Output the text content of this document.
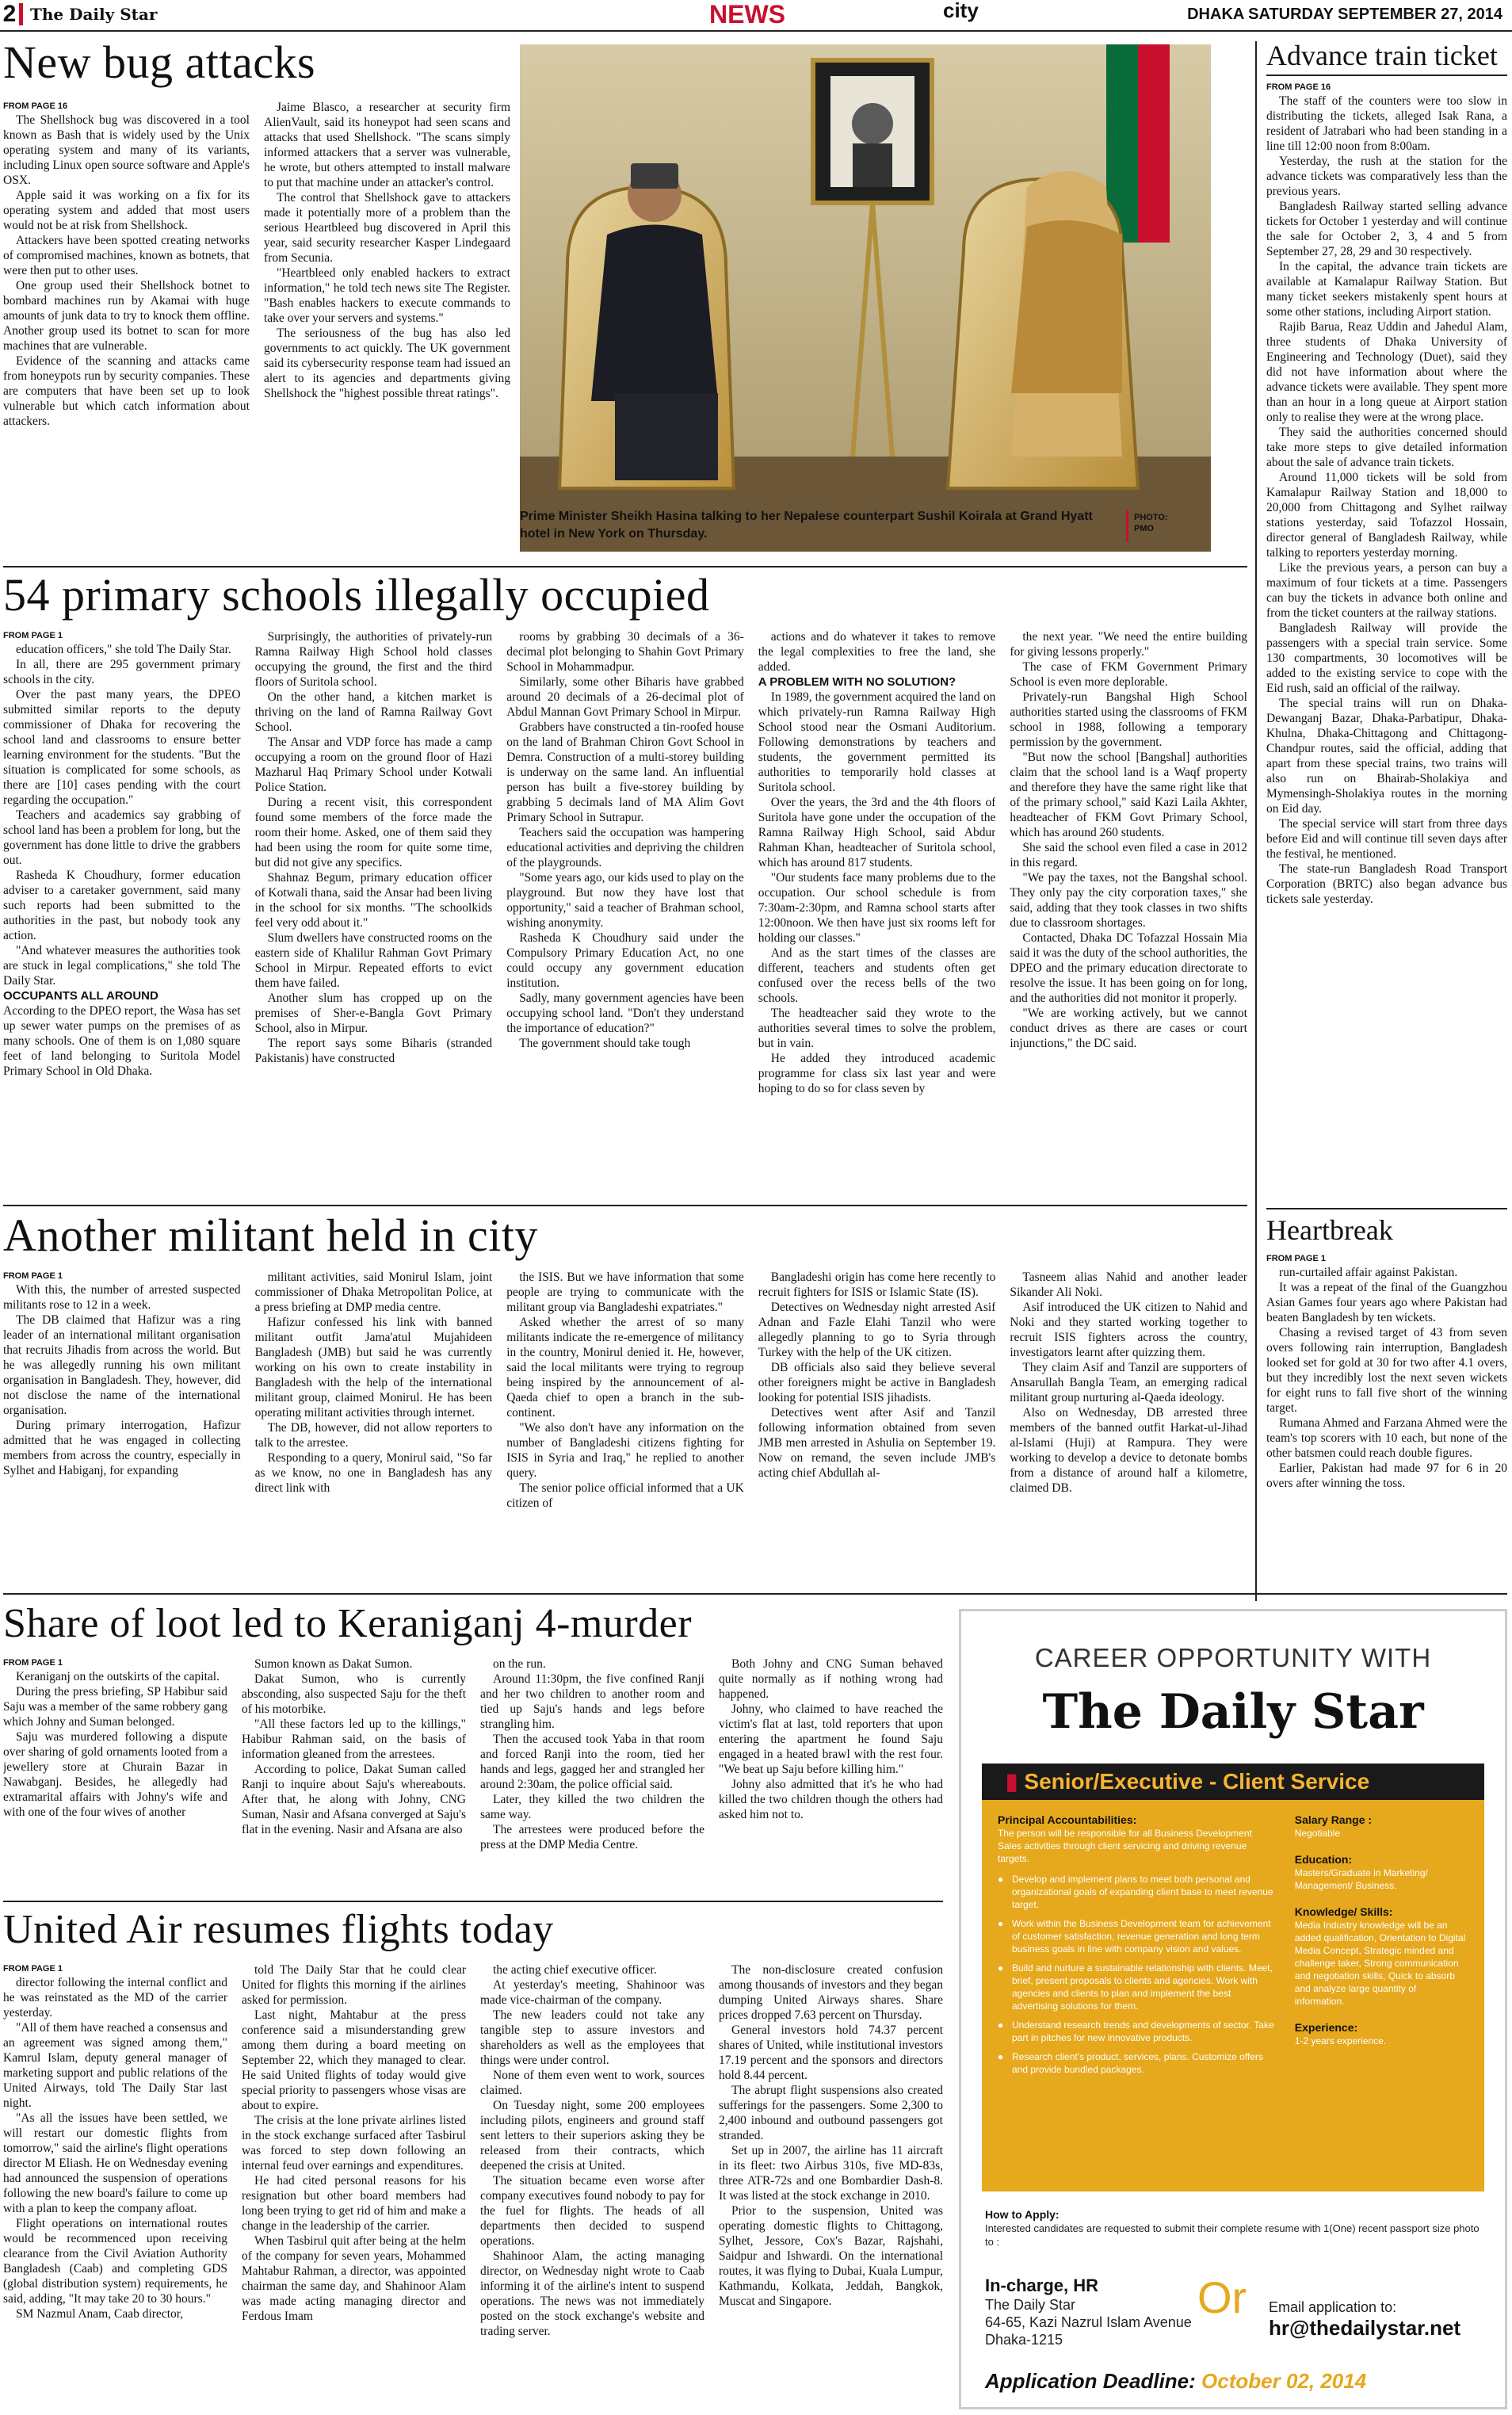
2 The Daily Star	NEWS	city	DHAKA SATURDAY SEPTEMBER 27, 2014
New bug attacks
FROM PAGE 16

The Shellshock bug was discovered in a tool known as Bash that is widely used by the Unix operating system and many of its variants, including Linux open source software and Apple's OSX.

Apple said it was working on a fix for its operating system and added that most users would not be at risk from Shellshock.

Attackers have been spotted creating networks of compromised machines, known as botnets, that were then put to other uses.

One group used their Shellshock botnet to bombard machines run by Akamai with huge amounts of junk data to try to knock them offline. Another group used its botnet to scan for more machines that are vulnerable.

Evidence of the scanning and attacks came from honeypots run by security companies. These are computers that have been set up to look vulnerable but which catch information about attackers.

Jaime Blasco, a researcher at security firm AlienVault, said its honeypot had seen scans and attacks that used Shellshock. "The scans simply informed attackers that a server was vulnerable, he wrote, but others attempted to install malware to put that machine under an attacker's control.

The control that Shellshock gave to attackers made it potentially more of a problem than the serious Heartbleed bug discovered in April this year, said security researcher Kasper Lindegaard from Secunia.

"Heartbleed only enabled hackers to extract information," he told tech news site The Register. "Bash enables hackers to execute commands to take over your servers and systems."

The seriousness of the bug has also led governments to act quickly. The UK government said its cybersecurity response team had issued an alert to its agencies and departments giving Shellshock the "highest possible threat ratings".

Prime Minister Sheikh Hasina talking to her Nepalese counterpart Sushil Koirala at Grand Hyatt hotel in New York on Thursday.
PHOTO: PMO
Advance train ticket
FROM PAGE 16

The staff of the counters were too slow in distributing the tickets, alleged Isak Rana, a resident of Jatrabari who had been standing in a line till 12:00 noon from 8:00am.

Yesterday, the rush at the station for the advance tickets was comparatively less than the previous years.

Bangladesh Railway started selling advance tickets for October 1 yesterday and will continue the sale for October 2, 3, 4 and 5 from September 27, 28, 29 and 30 respectively.

In the capital, the advance train tickets are available at Kamalapur Railway Station. But many ticket seekers mistakenly spent hours at some other stations, including Airport station.

Rajib Barua, Reaz Uddin and Jahedul Alam, three students of Dhaka University of Engineering and Technology (Duet), said they did not have information about where the advance tickets were available. They spent more than an hour in a long queue at Airport station only to realise they were at the wrong place.

They said the authorities concerned should take more steps to give detailed information about the sale of advance train tickets.

Around 11,000 tickets will be sold from Kamalapur Railway Station and 18,000 to 20,000 from Chittagong and Sylhet railway stations yesterday, said Tofazzol Hossain, director general of Bangladesh Railway, while talking to reporters yesterday morning.

Like the previous years, a person can buy a maximum of four tickets at a time. Passengers can buy the tickets in advance both online and from the ticket counters at the railway stations.

Bangladesh Railway will provide the passengers with a special train service. Some 130 compartments, 30 locomotives will be added to the existing service to cope with the Eid rush, said an official of the railway.

The special trains will run on Dhaka-Dewanganj Bazar, Dhaka-Parbatipur, Dhaka-Khulna, Dhaka-Chittagong and Chittagong-Chandpur routes, said the official, adding that apart from these special trains, two trains will also run on Bhairab-Sholakiya and Mymensingh-Sholakiya routes in the morning on Eid day.

The special service will start from three days before Eid and will continue till seven days after the festival, he mentioned.

The state-run Bangladesh Road Transport Corporation (BRTC) also began advance bus tickets sale yesterday.

54 primary schools illegally occupied
FROM PAGE 1

education officers," she told The Daily Star.

In all, there are 295 government primary schools in the city.

Over the past many years, the DPEO submitted similar reports to the deputy commissioner of Dhaka for recovering the school land and classrooms to ensure better learning environment for the students. "But the situation is complicated for some schools, as there are [10] cases pending with the court regarding the occupation."

Teachers and academics say grabbing of school land has been a problem for long, but the government has done little to drive the grabbers out.

Rasheda K Choudhury, former education adviser to a caretaker government, said many such reports had been submitted to the authorities in the past, but nobody took any action.

"And whatever measures the authorities took are stuck in legal complications," she told The Daily Star.

OCCUPANTS ALL AROUND

According to the DPEO report, the Wasa has set up sewer water pumps on the premises of as many schools. One of them is on 1,080 square feet of land belonging to Suritola Model Primary School in Old Dhaka.

Surprisingly, the authorities of privately-run Ramna Railway High School hold classes occupying the ground, the first and the third floors of Suritola school.

On the other hand, a kitchen market is thriving on the land of Ramna Railway Govt School.

The Ansar and VDP force has made a camp occupying a room on the ground floor of Hazi Mazharul Haq Primary School under Kotwali Police Station.

During a recent visit, this correspondent found some members of the force made the room their home. Asked, one of them said they had been using the room for quite some time, but did not give any specifics.

Shahnaz Begum, primary education officer of Kotwali thana, said the Ansar had been living in the school for six months. "The schoolkids feel very odd about it."

Slum dwellers have constructed rooms on the eastern side of Khalilur Rahman Govt Primary School in Mirpur. Repeated efforts to evict them have failed.

Another slum has cropped up on the premises of Sher-e-Bangla Govt Primary School, also in Mirpur.

The report says some Biharis (stranded Pakistanis) have constructed

rooms by grabbing 30 decimals of a 36-decimal plot belonging to Shahin Govt Primary School in Mohammadpur.

Similarly, some other Biharis have grabbed around 20 decimals of a 26-decimal plot of Abdul Mannan Govt Primary School in Mirpur.

Grabbers have constructed a tin-roofed house on the land of Brahman Chiron Govt School in Demra. Construction of a multi-storey building is underway on the same land. An influential person has built a five-storey building by grabbing 5 decimals land of MA Alim Govt Primary School in Sutrapur.

Teachers said the occupation was hampering educational activities and depriving the children of the playgrounds.

"Some years ago, our kids used to play on the playground. But now they have lost that opportunity," said a teacher of Brahman school, wishing anonymity.

Rasheda K Choudhury said under the Compulsory Primary Education Act, no one could occupy any government education institution.

Sadly, many government agencies have been occupying school land. "Don't they understand the importance of education?"

The government should take tough

actions and do whatever it takes to remove the legal complexities to free the land, she added.

A PROBLEM WITH NO SOLUTION?

In 1989, the government acquired the land on which privately-run Ramna Railway High School stood near the Osmani Auditorium. Following demonstrations by teachers and students, the government permitted its authorities to temporarily hold classes at Suritola school.

Over the years, the 3rd and the 4th floors of Suritola have gone under the occupation of the Ramna Railway High School, said Abdur Rahman Khan, headteacher of Suritola school, which has around 817 students.

"Our students face many problems due to the occupation. Our school schedule is from 7:30am-2:30pm, and Ramna school starts after 12:00noon. We then have just six rooms left for holding our classes."

And as the start times of the classes are different, teachers and students often get confused over the recess bells of the two schools.

The headteacher said they wrote to the authorities several times to solve the problem, but in vain.

He added they introduced academic programme for class six last year and were hoping to do so for class seven by

the next year. "We need the entire building for giving lessons properly."

The case of FKM Government Primary School is even more deplorable.

Privately-run Bangshal High School authorities started using the classrooms of FKM school in 1988, following a temporary permission by the government.

"But now the school [Bangshal] authorities claim that the school land is a Waqf property and therefore they have the same right like that of the primary school," said Kazi Laila Akhter, headteacher of FKM Govt Primary School, which has around 260 students.

She said the school even filed a case in 2012 in this regard.

"We pay the taxes, not the Bangshal school. They only pay the city corporation taxes," she said, adding that they took classes in two shifts due to classroom shortages.

Contacted, Dhaka DC Tofazzal Hossain Mia said it was the duty of the school authorities, the DPEO and the primary education directorate to resolve the issue. It has been going on for long, and the authorities did not monitor it properly.

"We are working actively, but we cannot conduct drives as there are cases or court injunctions," the DC said.

Another militant held in city
FROM PAGE 1

With this, the number of arrested suspected militants rose to 12 in a week.

The DB claimed that Hafizur was a ring leader of an international militant organisation that recruits Jihadis from across the world. But he was allegedly running his own militant organisation in Bangladesh. They, however, did not disclose the name of the international organisation.

During primary interrogation, Hafizur admitted that he was engaged in collecting members from across the country, especially in Sylhet and Habiganj, for expanding

militant activities, said Monirul Islam, joint commissioner of Dhaka Metropolitan Police, at a press briefing at DMP media centre.

Hafizur confessed his link with banned militant outfit Jama'atul Mujahideen Bangladesh (JMB) but said he was currently working on his own to create instability in Bangladesh with the help of the international militant group, claimed Monirul. He has been operating militant activities through internet.

The DB, however, did not allow reporters to talk to the arrestee.

Responding to a query, Monirul said, "So far as we know, no one in Bangladesh has any direct link with

the ISIS. But we have information that some people are trying to communicate with the militant group via Bangladeshi expatriates."

Asked whether the arrest of so many militants indicate the re-emergence of militancy in the country, Monirul denied it. He, however, said the local militants were trying to regroup being inspired by the announcement of al-Qaeda chief to open a branch in the sub-continent.

"We also don't have any information on the number of Bangladeshi citizens fighting for ISIS in Syria and Iraq," he replied to another query.

The senior police official informed that a UK citizen of

Bangladeshi origin has come here recently to recruit fighters for ISIS or Islamic State (IS).

Detectives on Wednesday night arrested Asif Adnan and Fazle Elahi Tanzil who were allegedly planning to go to Syria through Turkey with the help of the UK citizen.

DB officials also said they believe several other foreigners might be active in Bangladesh looking for potential ISIS jihadists.

Detectives went after Asif and Tanzil following information obtained from seven JMB men arrested in Ashulia on September 19. Now on remand, the seven include JMB's acting chief Abdullah al-

Tasneem alias Nahid and another leader Sikander Ali Noki.

Asif introduced the UK citizen to Nahid and Noki and they started working together to recruit ISIS fighters across the country, investigators learnt after quizzing them.

They claim Asif and Tanzil are supporters of Ansarullah Bangla Team, an emerging radical militant group nurturing al-Qaeda ideology.

Also on Wednesday, DB arrested three members of the banned outfit Harkat-ul-Jihad al-Islami (Huji) at Rampura. They were working to develop a device to detonate bombs from a distance of around half a kilometre, claimed DB.

Heartbreak
FROM PAGE 1

run-curtailed affair against Pakistan.

It was a repeat of the final of the Guangzhou Asian Games four years ago where Pakistan had beaten Bangladesh by ten wickets.

Chasing a revised target of 43 from seven overs following rain interruption, Bangladesh looked set for gold at 30 for two after 4.1 overs, but they incredibly lost the next seven wickets for eight runs to fall five short of the winning target.

Rumana Ahmed and Farzana Ahmed were the team's top scorers with 10 each, but none of the other batsmen could reach double figures.

Earlier, Pakistan had made 97 for 6 in 20 overs after winning the toss.

Share of loot led to Keraniganj 4-murder
FROM PAGE 1

Keraniganj on the outskirts of the capital.

During the press briefing, SP Habibur said Saju was a member of the same robbery gang which Johny and Suman belonged.

Saju was murdered following a dispute over sharing of gold ornaments looted from a jewellery store at Churain Bazar in Nawabganj. Besides, he allegedly had extramarital affairs with Johny's wife and with one of the four wives of another

Sumon known as Dakat Sumon.

Dakat Sumon, who is currently absconding, also suspected Saju for the theft of his motorbike.

"All these factors led up to the killings," Habibur Rahman said, on the basis of information gleaned from the arrestees.

According to police, Dakat Suman called Ranji to inquire about Saju's whereabouts. After that, he along with Johny, CNG Suman, Nasir and Afsana converged at Saju's flat in the evening. Nasir and Afsana are also

on the run.

Around 11:30pm, the five confined Ranji and her two children to another room and tied up Saju's hands and legs before strangling him.

Then the accused took Yaba in that room and forced Ranji into the room, tied her hands and legs, gagged her and strangled her around 2:30am, the police official said.

Later, they killed the two children the same way.

The arrestees were produced before the press at the DMP Media Centre.

Both Johny and CNG Suman behaved quite normally as if nothing wrong had happened.

Johny, who claimed to have reached the victim's flat at last, told reporters that upon entering the apartment he found Saju engaged in a heated brawl with the rest four. "We beat up Saju before killing him."

Johny also admitted that it's he who had killed the two children though the others had asked him not to.

United Air resumes flights today
FROM PAGE 1

director following the internal conflict and he was reinstated as the MD of the carrier yesterday.

"All of them have reached a consensus and an agreement was signed among them," Kamrul Islam, deputy general manager of marketing support and public relations of the United Airways, told The Daily Star last night.

"As all the issues have been settled, we will restart our domestic flights from tomorrow," said the airline's flight operations director M Eliash. He on Wednesday evening had announced the suspension of operations following the new board's failure to come up with a plan to keep the company afloat.

Flight operations on international routes would be recommenced upon receiving clearance from the Civil Aviation Authority Bangladesh (Caab) and completing GDS (global distribution system) requirements, he said, adding, "It may take 20 to 30 hours."

SM Nazmul Anam, Caab director,

told The Daily Star that he could clear United for flights this morning if the airlines asked for permission.

Last night, Mahtabur at the press conference said a misunderstanding grew among them during a board meeting on September 22, which they managed to clear. He said United flights of today would give special priority to passengers whose visas are about to expire.

The crisis at the lone private airlines listed in the stock exchange surfaced after Tasbirul was forced to step down following an internal feud over earnings and expenditures.

He had cited personal reasons for his resignation but other board members had long been trying to get rid of him and make a change in the leadership of the carrier.

When Tasbirul quit after being at the helm of the company for seven years, Mohammed Mahtabur Rahman, a director, was appointed chairman the same day, and Shahinoor Alam was made acting managing director and Ferdous Imam

the acting chief executive officer.

At yesterday's meeting, Shahinoor was made vice-chairman of the company.

The new leaders could not take any tangible step to assure investors and shareholders as well as the employees that things were under control.

None of them even went to work, sources claimed.

On Tuesday night, some 200 employees including pilots, engineers and ground staff sent letters to their superiors asking they be released from their contracts, which deepened the crisis at United.

The situation became even worse after company executives found nobody to pay for the fuel for flights. The heads of all departments then decided to suspend operations.

Shahinoor Alam, the acting managing director, on Wednesday night wrote to Caab informing it of the airline's intent to suspend operations. The news was not immediately posted on the stock exchange's website and trading server.

The non-disclosure created confusion among thousands of investors and they began dumping United Airways shares. Share prices dropped 7.63 percent on Thursday.

General investors hold 74.37 percent shares of United, while institutional investors 17.19 percent and the sponsors and directors hold 8.44 percent.

The abrupt flight suspensions also created sufferings for the passengers. Some 2,300 to 2,400 inbound and outbound passengers got stranded.

Set up in 2007, the airline has 11 aircraft in its fleet: two Airbus 310s, five MD-83s, three ATR-72s and one Bombardier Dash-8. It was listed at the stock exchange in 2010.

Prior to the suspension, United was operating domestic flights to Chittagong, Sylhet, Jessore, Cox's Bazar, Rajshahi, Saidpur and Ishwardi. On the international routes, it was flying to Dubai, Kuala Lumpur, Kathmandu, Kolkata, Jeddah, Bangkok, Muscat and Singapore.

CAREER OPPORTUNITY WITH
The Daily Star
▮ Senior/Executive - Client Service
Principal Accountabilities:
The person will be responsible for all Business Development Sales activities through client servicing and driving revenue targets.
● Develop and implement plans to meet both personal and organizational goals of expanding client base to meet revenue target.
● Work within the Business Development team for achievement of customer satisfaction, revenue generation and long term business goals in line with company vision and values.
● Build and nurture a sustainable relationship with clients. Meet, brief, present proposals to clients and agencies. Work with agencies and clients to plan and implement the best advertising solutions for them.
● Understand research trends and developments of sector. Take part in pitches for new innovative products.
● Research client's product, services, plans. Customize offers and provide bundled packages.
Salary Range :
Negotiable
Education:
Masters/Graduate in Marketing/ Management/ Business.
Knowledge/ Skills:
Media Industry knowledge will be an added qualification, Orientation to Digital Media Concept, Strategic minded and challenge taker, Strong communication and negotiation skills, Quick to absorb and analyze large quantity of information.
Experience:
1-2 years experience.
How to Apply:
Interested candidates are requested to submit their complete resume with 1(One) recent passport size photo to :
In-charge, HR
The Daily Star
64-65, Kazi Nazrul Islam Avenue
Dhaka-1215
Or	Email application to:
hr@thedailystar.net
Application Deadline: October 02, 2014
